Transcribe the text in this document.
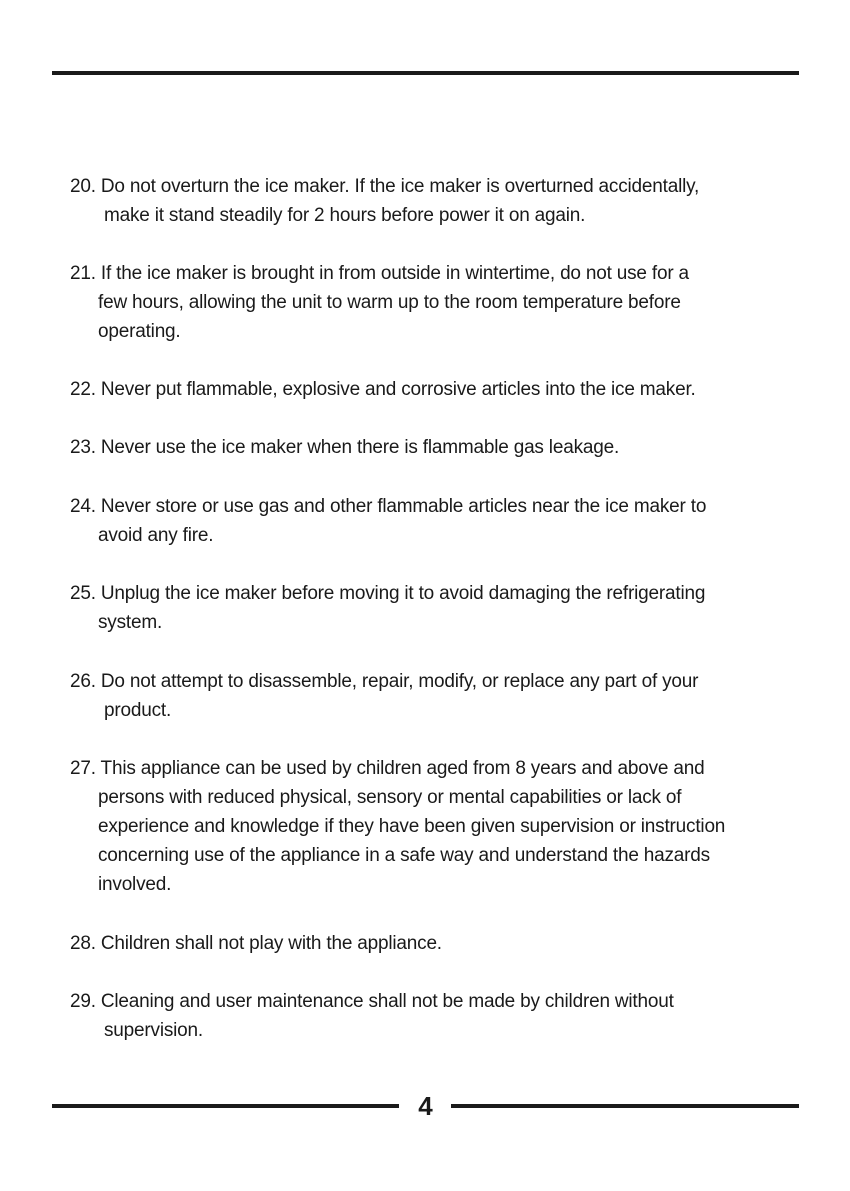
20. Do not overturn the ice maker. If the ice maker is overturned accidentally,
make it stand steadily for 2 hours before power it on again.

21. If the ice maker is brought in from outside in wintertime, do not use for a
few hours, allowing the unit to warm up to the room temperature before
operating.

22. Never put flammable, explosive and corrosive articles into the ice maker.

23. Never use the ice maker when there is flammable gas leakage.

24. Never store or use gas and other flammable articles near the ice maker to
avoid any fire.

25. Unplug the ice maker before moving it to avoid damaging the refrigerating
system.

26. Do not attempt to disassemble, repair, modify, or replace any part of your
product.

27. This appliance can be used by children aged from 8 years and above and
persons with reduced physical, sensory or mental capabilities or lack of
experience and knowledge if they have been given supervision or instruction
concerning use of the appliance in a safe way and understand the hazards
involved.

28. Children shall not play with the appliance.

29. Cleaning and user maintenance shall not be made by children without
supervision.

4
